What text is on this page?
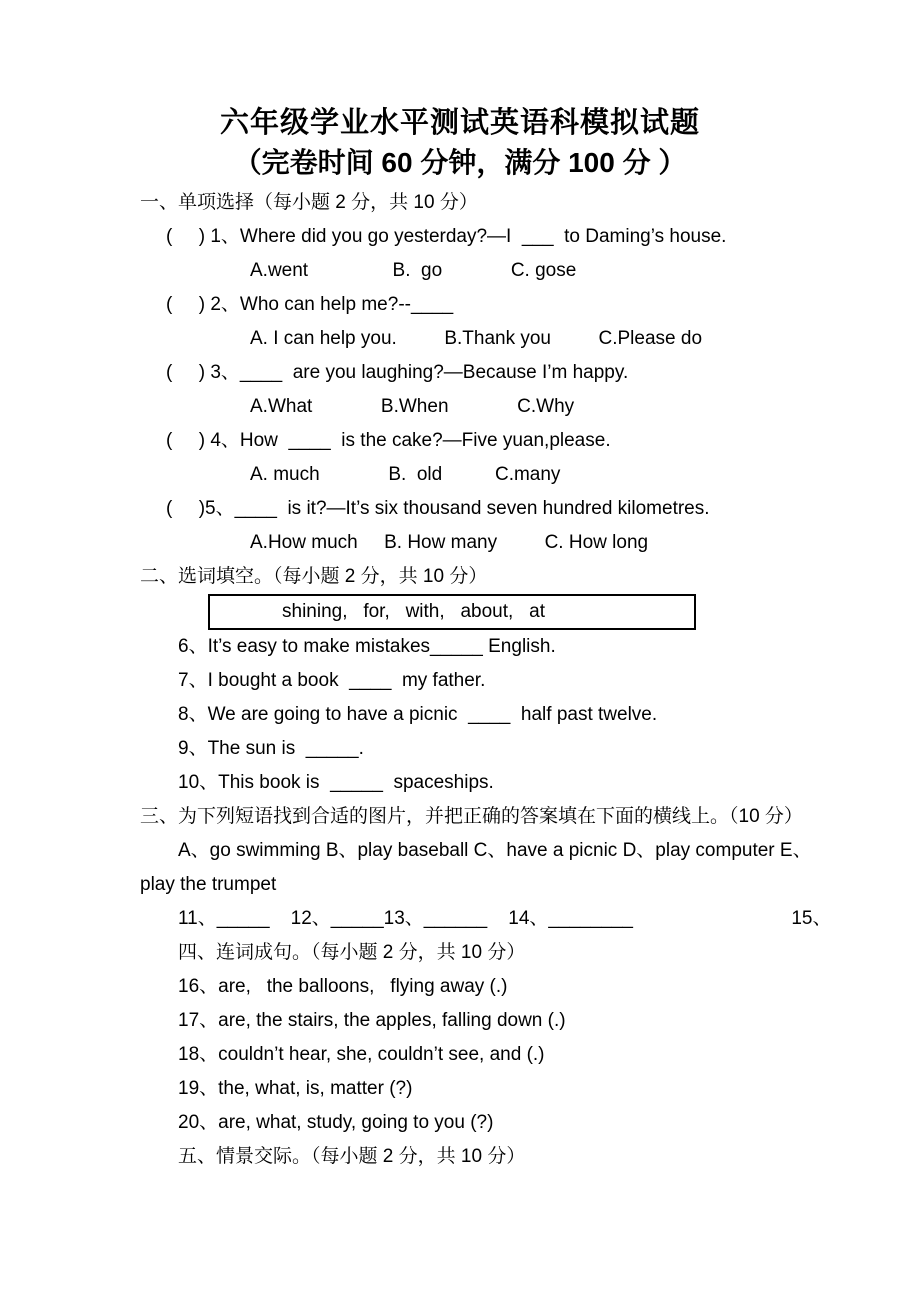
六年级学业水平测试英语科模拟试题
（完卷时间 60 分钟，满分 100 分 ）
一、单项选择（每小题 2 分，共 10 分）
(     ) 1、Where did you go yesterday?—I  ___  to Daming’s house.
A.went                B.  go             C. gose
(     ) 2、Who can help me?--____
A. I can help you.         B.Thank you         C.Please do
(     ) 3、____  are you laughing?—Because I’m happy.
A.What             B.When             C.Why
(     ) 4、How  ____  is the cake?—Five yuan,please.
A. much             B.  old          C.many
(     )5、____  is it?—It’s six thousand seven hundred kilometres.
A.How much     B. How many         C. How long
二、选词填空。（每小题 2 分，共 10 分）
shining,   for,   with,   about,   at
6、It’s easy to make mistakes_____ English.
7、I bought a book  ____  my father.
8、We are going to have a picnic  ____  half past twelve.
9、The sun is  _____.
10、This book is  _____  spaceships.
三、为下列短语找到合适的图片，并把正确的答案填在下面的横线上。（10 分）
A、go swimming B、play baseball C、have a picnic D、play computer E、
play the trumpet
11、_____    12、_____13、______    14、________                              15、
四、连词成句。（每小题 2 分，共 10 分）
16、are,   the balloons,   flying away (.)
17、are, the stairs, the apples, falling down (.)
18、couldn’t hear, she, couldn’t see, and (.)
19、the, what, is, matter (?)
20、are, what, study, going to you (?)
五、情景交际。（每小题 2 分，共 10 分）
